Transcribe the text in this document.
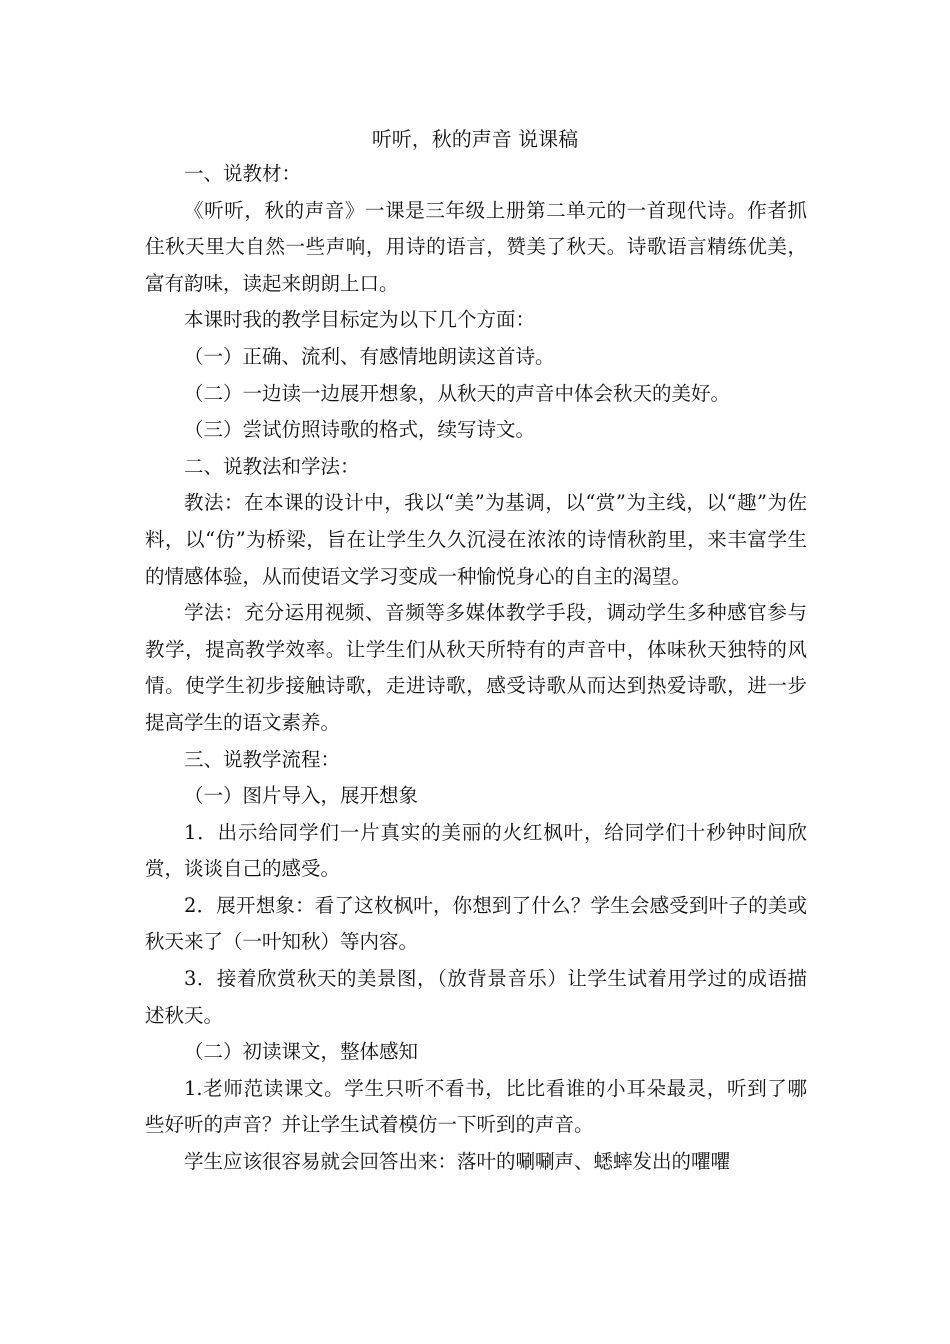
听听，秋的声音 说课稿

一、说教材：

《听听，秋的声音》一课是三年级上册第二单元的一首现代诗。作者抓住秋天里大自然一些声响，用诗的语言，赞美了秋天。诗歌语言精练优美，富有韵味，读起来朗朗上口。

本课时我的教学目标定为以下几个方面：

（一）正确、流利、有感情地朗读这首诗。

（二）一边读一边展开想象，从秋天的声音中体会秋天的美好。

（三）尝试仿照诗歌的格式，续写诗文。

二、说教法和学法：

教法：在本课的设计中，我以“美”为基调，以“赏”为主线，以“趣”为佐料，以“仿”为桥梁，旨在让学生久久沉浸在浓浓的诗情秋韵里，来丰富学生的情感体验，从而使语文学习变成一种愉悦身心的自主的渴望。

学法：充分运用视频、音频等多媒体教学手段，调动学生多种感官参与教学，提高教学效率。让学生们从秋天所特有的声音中，体味秋天独特的风情。使学生初步接触诗歌，走进诗歌，感受诗歌从而达到热爱诗歌，进一步提高学生的语文素养。

三、说教学流程：

（一）图片导入，展开想象

1．出示给同学们一片真实的美丽的火红枫叶，给同学们十秒钟时间欣赏，谈谈自己的感受。

2．展开想象：看了这枚枫叶，你想到了什么？学生会感受到叶子的美或秋天来了（一叶知秋）等内容。

3．接着欣赏秋天的美景图，（放背景音乐）让学生试着用学过的成语描述秋天。

（二）初读课文，整体感知

1.老师范读课文。学生只听不看书，比比看谁的小耳朵最灵，听到了哪些好听的声音？并让学生试着模仿一下听到的声音。

学生应该很容易就会回答出来：落叶的唰唰声、蟋蟀发出的㘗㘗
